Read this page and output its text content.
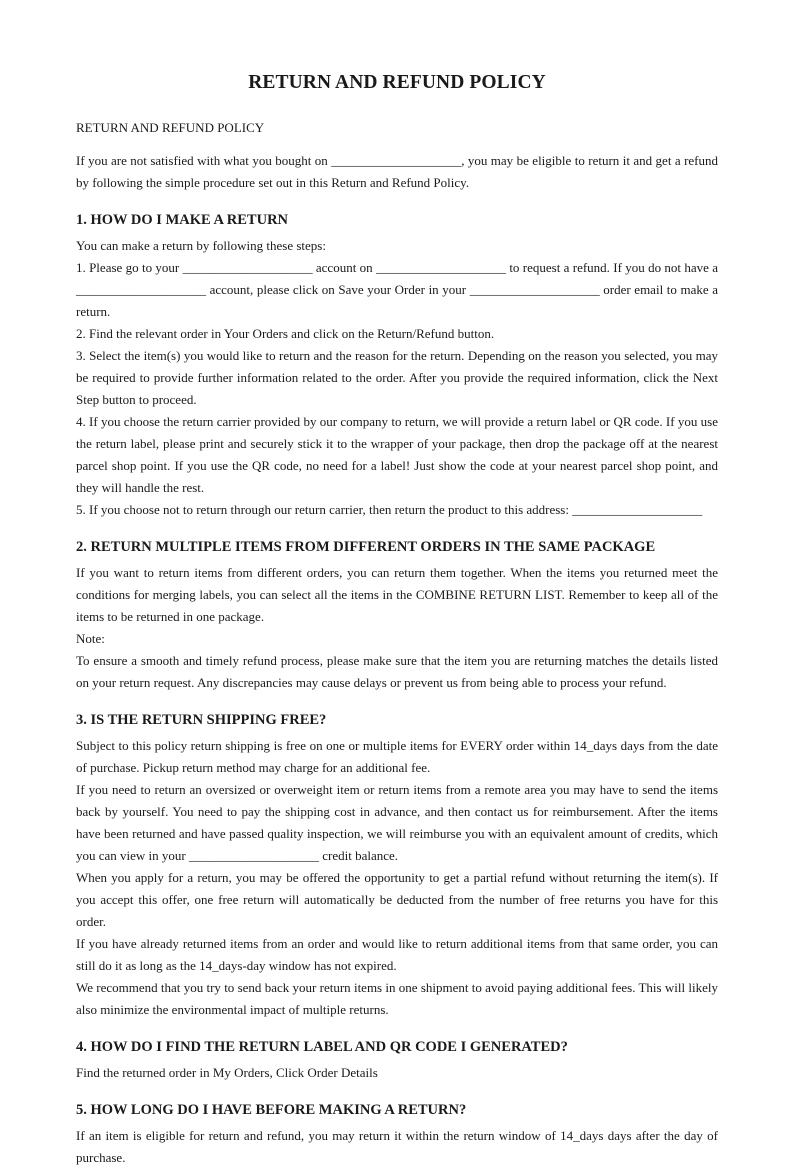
RETURN AND REFUND POLICY
RETURN AND REFUND POLICY

If you are not satisfied with what you bought on ____________________, you may be eligible to return it and get a refund by following the simple procedure set out in this Return and Refund Policy.

1. HOW DO I MAKE A RETURN

You can make a return by following these steps:

1. Please go to your ____________________ account on ____________________ to request a refund. If you do not have a ____________________ account, please click on Save your Order in your ____________________ order email to make a return.

2. Find the relevant order in Your Orders and click on the Return/Refund button.

3. Select the item(s) you would like to return and the reason for the return. Depending on the reason you selected, you may be required to provide further information related to the order. After you provide the required information, click the Next Step button to proceed.

4. If you choose the return carrier provided by our company to return, we will provide a return label or QR code. If you use the return label, please print and securely stick it to the wrapper of your package, then drop the package off at the nearest parcel shop point. If you use the QR code, no need for a label! Just show the code at your nearest parcel shop point, and they will handle the rest.

5. If you choose not to return through our return carrier, then return the product to this address: ____________________

2. RETURN MULTIPLE ITEMS FROM DIFFERENT ORDERS IN THE SAME PACKAGE

If you want to return items from different orders, you can return them together. When the items you returned meet the conditions for merging labels, you can select all the items in the COMBINE RETURN LIST. Remember to keep all of the items to be returned in one package.

Note:

To ensure a smooth and timely refund process, please make sure that the item you are returning matches the details listed on your return request. Any discrepancies may cause delays or prevent us from being able to process your refund.

3. IS THE RETURN SHIPPING FREE?

Subject to this policy return shipping is free on one or multiple items for EVERY order within 14_days days from the date of purchase. Pickup return method may charge for an additional fee.

If you need to return an oversized or overweight item or return items from a remote area you may have to send the items back by yourself. You need to pay the shipping cost in advance, and then contact us for reimbursement. After the items have been returned and have passed quality inspection, we will reimburse you with an equivalent amount of credits, which you can view in your ____________________ credit balance.

When you apply for a return, you may be offered the opportunity to get a partial refund without returning the item(s). If you accept this offer, one free return will automatically be deducted from the number of free returns you have for this order.

If you have already returned items from an order and would like to return additional items from that same order, you can still do it as long as the 14_days-day window has not expired.

We recommend that you try to send back your return items in one shipment to avoid paying additional fees. This will likely also minimize the environmental impact of multiple returns.

4. HOW DO I FIND THE RETURN LABEL AND QR CODE I GENERATED?

Find the returned order in My Orders, Click Order Details

5. HOW LONG DO I HAVE BEFORE MAKING A RETURN?

If an item is eligible for return and refund, you may return it within the return window of 14_days days after the day of purchase.
